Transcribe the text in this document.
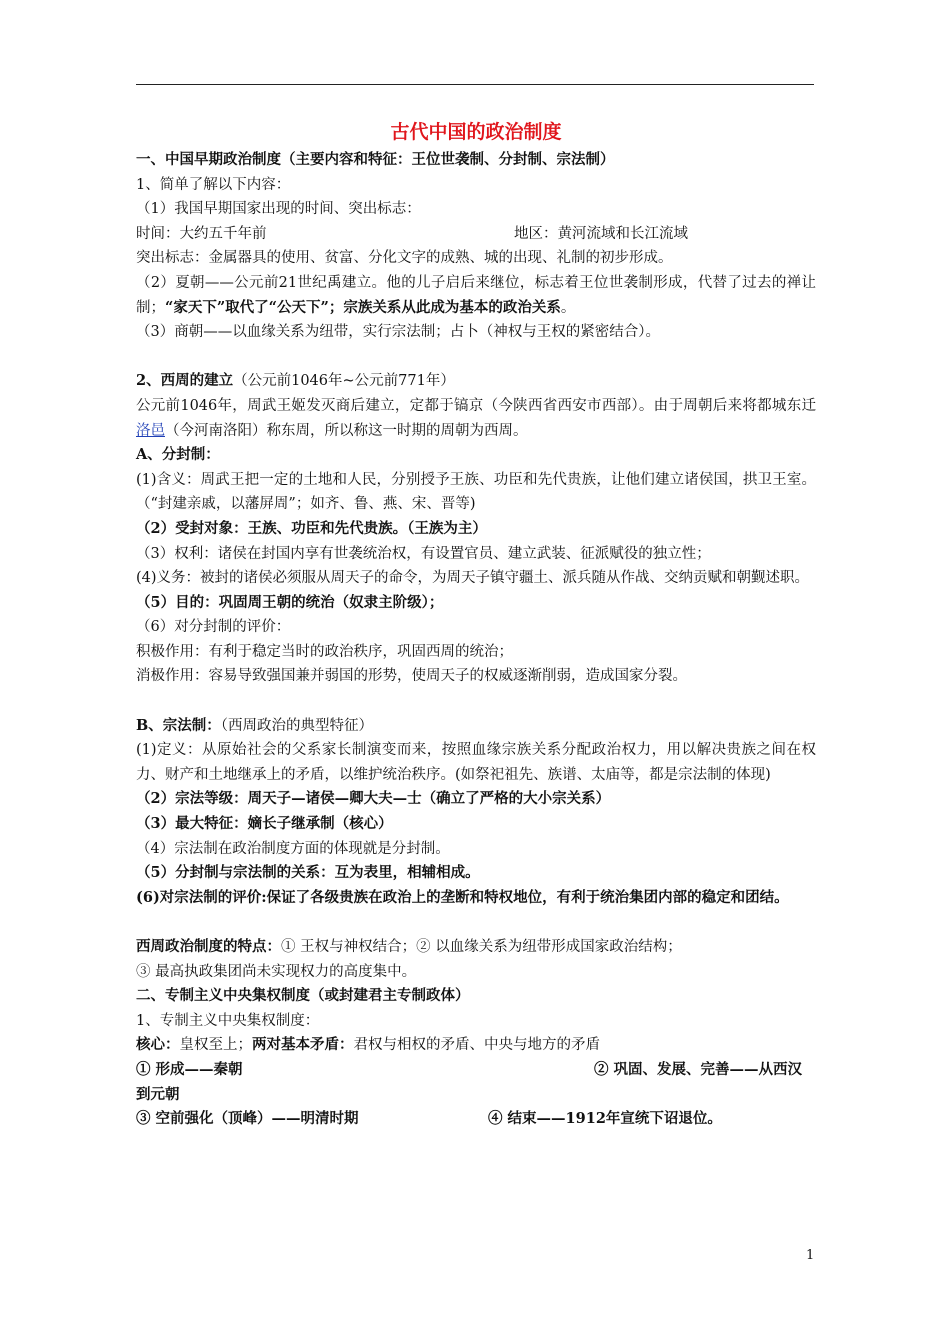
古代中国的政治制度
一、中国早期政治制度（主要内容和特征：王位世袭制、分封制、宗法制）
1、简单了解以下内容：
（1）我国早期国家出现的时间、突出标志：
时间：大约五千年前	地区：黄河流域和长江流域
突出标志：金属器具的使用、贫富、分化文字的成熟、城的出现、礼制的初步形成。
（2）夏朝——公元前21世纪禹建立。他的儿子启后来继位，标志着王位世袭制形成，代替了过去的禅让制；“家天下”取代了“公天下”；宗族关系从此成为基本的政治关系。
（3）商朝——以血缘关系为纽带，实行宗法制；占卜（神权与王权的紧密结合）。
2、西周的建立（公元前1046年~公元前771年）
公元前1046年，周武王姬发灭商后建立，定都于镐京（今陕西省西安市西部）。由于周朝后来将都城东迁洛邑（今河南洛阳）称东周，所以称这一时期的周朝为西周。
A、分封制：
(1)含义：周武王把一定的土地和人民，分别授予王族、功臣和先代贵族，让他们建立诸侯国，拱卫王室。（“封建亲戚，以藩屏周”；如齐、鲁、燕、宋、晋等)
（2）受封对象：王族、功臣和先代贵族。（王族为主）
（3）权利：诸侯在封国内享有世袭统治权，有设置官员、建立武装、征派赋役的独立性；
(4)义务：被封的诸侯必须服从周天子的命令，为周天子镇守疆土、派兵随从作战、交纳贡赋和朝觐述职。
（5）目的：巩固周王朝的统治（奴隶主阶级）；
（6）对分封制的评价：
积极作用：有利于稳定当时的政治秩序，巩固西周的统治；
消极作用：容易导致强国兼并弱国的形势，使周天子的权威逐渐削弱，造成国家分裂。
B、宗法制：（西周政治的典型特征）
(1)定义：从原始社会的父系家长制演变而来，按照血缘宗族关系分配政治权力，用以解决贵族之间在权力、财产和土地继承上的矛盾，以维护统治秩序。(如祭祀祖先、族谱、太庙等，都是宗法制的体现)
（2）宗法等级：周天子—诸侯—卿大夫—士（确立了严格的大小宗关系）
（3）最大特征：嫡长子继承制（核心）
（4）宗法制在政治制度方面的体现就是分封制。
（5）分封制与宗法制的关系：互为表里，相辅相成。
(6)对宗法制的评价:保证了各级贵族在政治上的垄断和特权地位，有利于统治集团内部的稳定和团结。
西周政治制度的特点：① 王权与神权结合；② 以血缘关系为纽带形成国家政治结构；
③ 最高执政集团尚未实现权力的高度集中。
二、专制主义中央集权制度（或封建君主专制政体）
1、专制主义中央集权制度：
核心：皇权至上；两对基本矛盾：君权与相权的矛盾、中央与地方的矛盾
① 形成——秦朝	② 巩固、发展、完善——从西汉
到元朝
③ 空前强化（顶峰）——明清时期	④ 结束——1912年宣统下诏退位。
1
